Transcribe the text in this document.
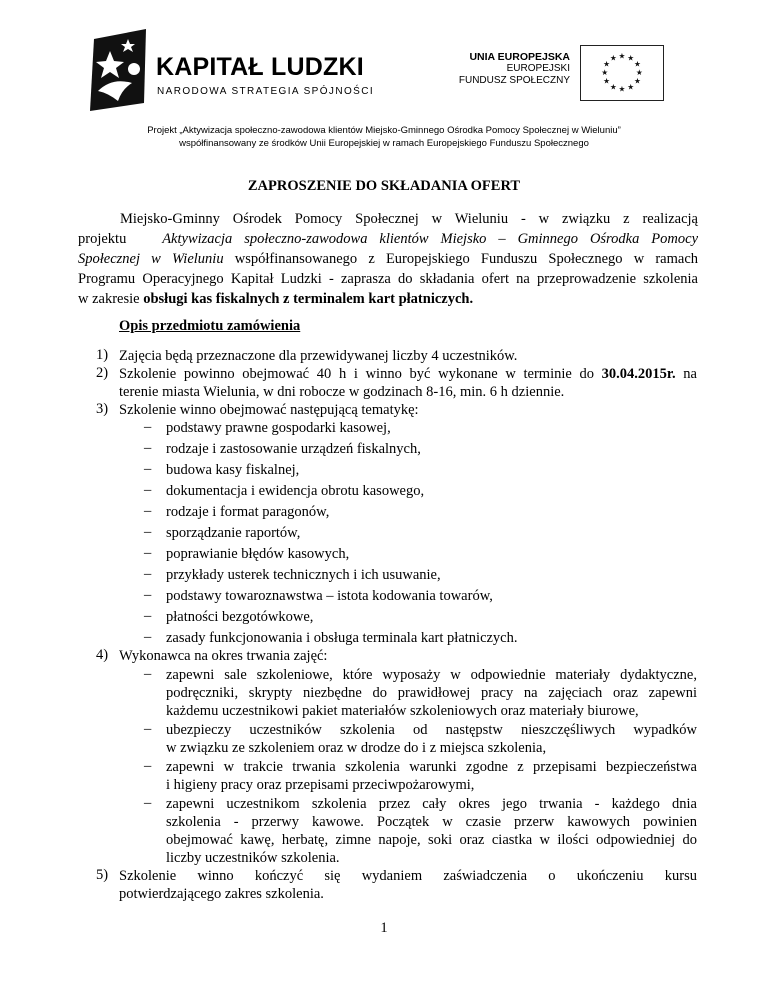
KAPITAŁ LUDZKI
NARODOWA STRATEGIA SPÓJNOŚCI
UNIA EUROPEJSKA
EUROPEJSKI
FUNDUSZ SPOŁECZNY
★ ★
★
★
★
★
★
★
★
★
★
★
Projekt „Aktywizacja społeczno-zawodowa klientów Miejsko-Gminnego Ośrodka Pomocy Społecznej w Wieluniu”
współfinansowany ze środków Unii Europejskiej w ramach Europejskiego Funduszu Społecznego
ZAPROSZENIE DO SKŁADANIA OFERT
Miejsko-Gminny Ośrodek Pomocy Społecznej w Wieluniu - w związku z realizacją
projektu Aktywizacja społeczno-zawodowa klientów Miejsko – Gminnego Ośrodka Pomocy
Społecznej w Wieluniu współfinansowanego z Europejskiego Funduszu Społecznego w ramach
Programu Operacyjnego Kapitał Ludzki - zaprasza do składania ofert na przeprowadzenie szkolenia
w zakresie obsługi kas fiskalnych z terminalem kart płatniczych.
Opis przedmiotu zamówienia
1) Zajęcia będą przeznaczone dla przewidywanej liczby 4 uczestników.
2) Szkolenie powinno obejmować 40 h i winno być wykonane w terminie do 30.04.2015r. na
terenie miasta Wielunia, w dni robocze w godzinach 8-16, min. 6 h dziennie.
3) Szkolenie winno obejmować następującą tematykę:
– podstawy prawne gospodarki kasowej,
– rodzaje i zastosowanie urządzeń fiskalnych,
– budowa kasy fiskalnej,
– dokumentacja i ewidencja obrotu kasowego,
– rodzaje i format paragonów,
– sporządzanie raportów,
– poprawianie błędów kasowych,
– przykłady usterek technicznych i ich usuwanie,
– podstawy towaroznawstwa – istota kodowania towarów,
– płatności bezgotówkowe,
– zasady funkcjonowania i obsługa terminala kart płatniczych.
4) Wykonawca na okres trwania zajęć:
– zapewni sale szkoleniowe, które wyposaży w odpowiednie materiały dydaktyczne,
podręczniki, skrypty niezbędne do prawidłowej pracy na zajęciach oraz zapewni
każdemu uczestnikowi pakiet materiałów szkoleniowych oraz materiały biurowe,
– ubezpieczy uczestników szkolenia od następstw nieszczęśliwych wypadków
w związku ze szkoleniem oraz w drodze do i z miejsca szkolenia,
– zapewni w trakcie trwania szkolenia warunki zgodne z przepisami bezpieczeństwa
i higieny pracy oraz przepisami przeciwpożarowymi,
– zapewni uczestnikom szkolenia przez cały okres jego trwania - każdego dnia
szkolenia - przerwy kawowe. Początek w czasie przerw kawowych powinien
obejmować kawę, herbatę, zimne napoje, soki oraz ciastka w ilości odpowiedniej do
liczby uczestników szkolenia.
5) Szkolenie winno kończyć się wydaniem zaświadczenia o ukończeniu kursu
potwierdzającego zakres szkolenia.
1
